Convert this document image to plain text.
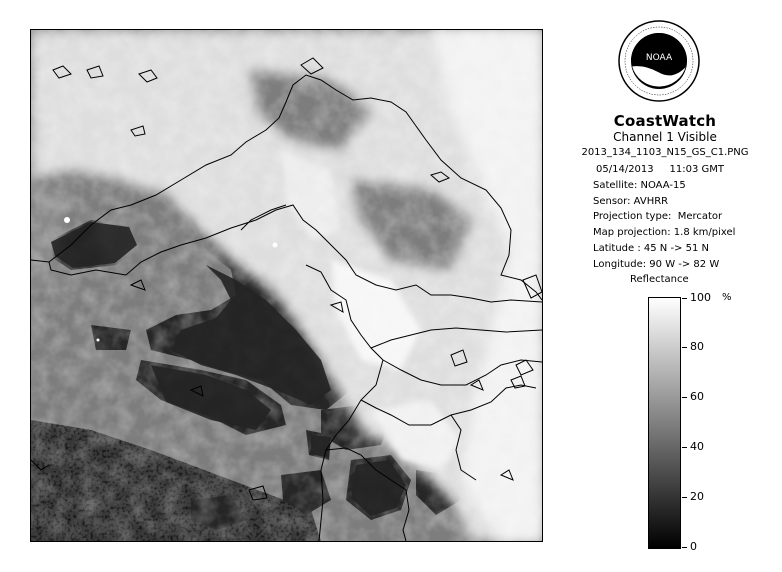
NOAA
CoastWatch
Channel 1 Visible
2013_134_1103_N15_GS_C1.PNG
05/14/2013     11:03 GMT
Satellite: NOAA-15
Sensor: AVHRR
Projection type:  Mercator
Map projection: 1.8 km/pixel
Latitude : 45 N -> 51 N
Longitude: 90 W -> 82 W
Reflectance
%
100
80
60
40
20
0
